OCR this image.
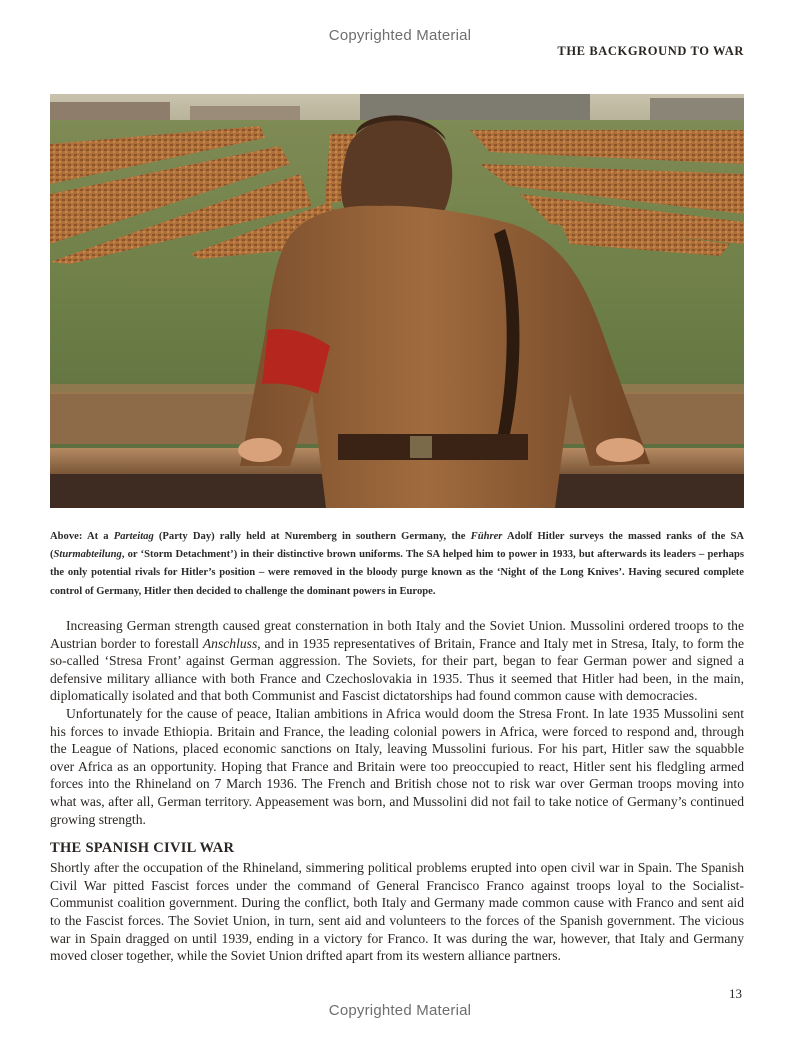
Copyrighted Material
THE BACKGROUND TO WAR

Above: At a Parteitag (Party Day) rally held at Nuremberg in southern Germany, the Führer Adolf Hitler surveys the massed ranks of the SA (Sturmabteilung, or ‘Storm Detachment’) in their distinctive brown uniforms. The SA helped him to power in 1933, but afterwards its leaders – perhaps the only potential rivals for Hitler’s position – were removed in the bloody purge known as the ‘Night of the Long Knives’. Having secured complete control of Germany, Hitler then decided to challenge the dominant powers in Europe.

Increasing German strength caused great consternation in both Italy and the Soviet Union. Mussolini ordered troops to the Austrian border to forestall Anschluss, and in 1935 representatives of Britain, France and Italy met in Stresa, Italy, to form the so-called ‘Stresa Front’ against German aggression. The Soviets, for their part, began to fear German power and signed a defensive military alliance with both France and Czechoslovakia in 1935. Thus it seemed that Hitler had been, in the main, diplomatically isolated and that both Communist and Fascist dictatorships had found common cause with democracies.

Unfortunately for the cause of peace, Italian ambitions in Africa would doom the Stresa Front. In late 1935 Mussolini sent his forces to invade Ethiopia. Britain and France, the leading colonial powers in Africa, were forced to respond and, through the League of Nations, placed economic sanctions on Italy, leaving Mussolini furious. For his part, Hitler saw the squabble over Africa as an opportunity. Hoping that France and Britain were too preoccupied to react, Hitler sent his fledgling armed forces into the Rhineland on 7 March 1936. The French and British chose not to risk war over German troops moving into what was, after all, German territory. Appeasement was born, and Mussolini did not fail to take notice of Germany’s continued growing strength.

THE SPANISH CIVIL WAR

Shortly after the occupation of the Rhineland, simmering political problems erupted into open civil war in Spain. The Spanish Civil War pitted Fascist forces under the command of General Francisco Franco against troops loyal to the Socialist-Communist coalition government. During the conflict, both Italy and Germany made common cause with Franco and sent aid to the Fascist forces. The Soviet Union, in turn, sent aid and volunteers to the forces of the Spanish government. The vicious war in Spain dragged on until 1939, ending in a victory for Franco. It was during the war, however, that Italy and Germany moved closer together, while the Soviet Union drifted apart from its western alliance partners.

13
Copyrighted Material
